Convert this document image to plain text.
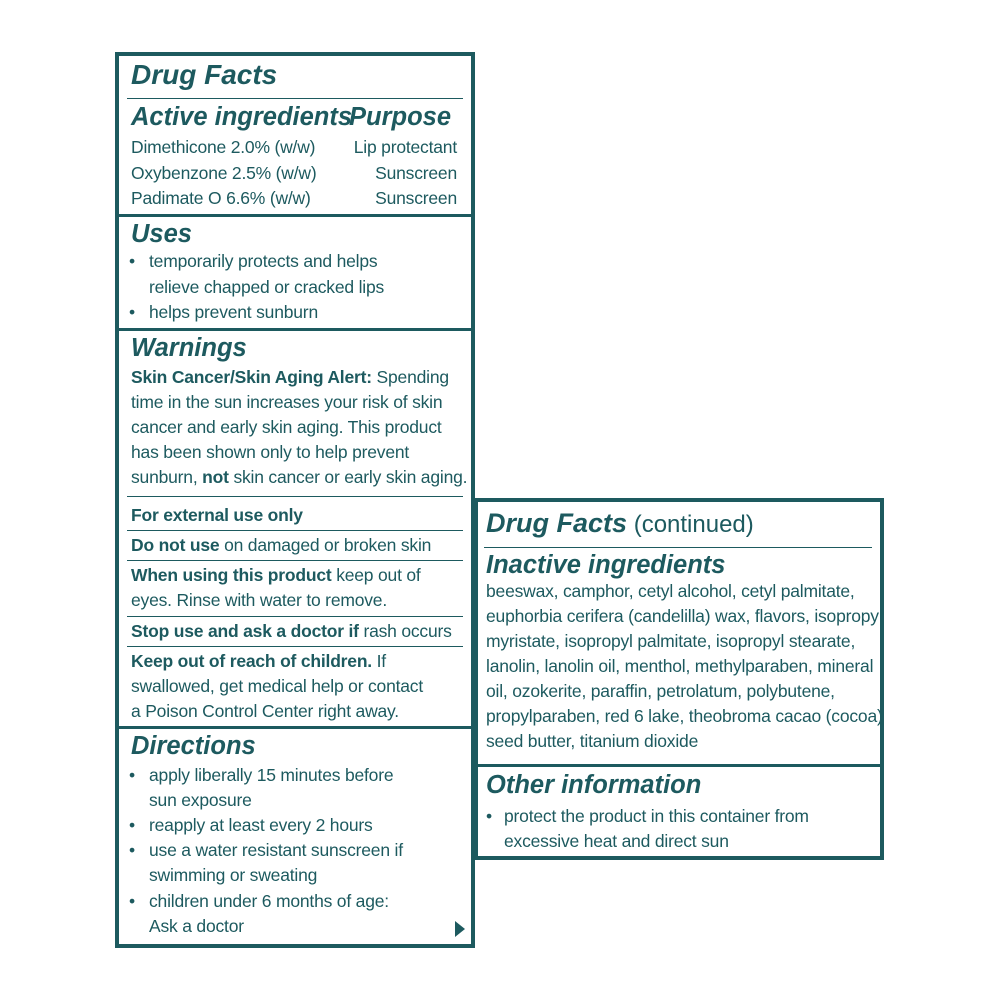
Drug Facts
Active ingredients
Purpose
Dimethicone 2.0% (w/w) Lip protectant
Oxybenzone 2.5% (w/w)	Sunscreen
Padimate O 6.6% (w/w)	Sunscreen
Uses
• temporarily protects and helps
relieve chapped or cracked lips
• helps prevent sunburn
Warnings
Skin Cancer/Skin Aging Alert: Spending
time in the sun increases your risk of skin
cancer and early skin aging. This product
has been shown only to help prevent
sunburn, not skin cancer or early skin aging.
For external use only
Do not use on damaged or broken skin
When using this product keep out of
eyes. Rinse with water to remove.
Stop use and ask a doctor if rash occurs
Keep out of reach of children. If
swallowed, get medical help or contact
a Poison Control Center right away.
Directions
• apply liberally 15 minutes before
sun exposure
• reapply at least every 2 hours
• use a water resistant sunscreen if
swimming or sweating
• children under 6 months of age:
Ask a doctor
Drug Facts (continued)
Inactive ingredients
beeswax, camphor, cetyl alcohol, cetyl palmitate,
euphorbia cerifera (candelilla) wax, flavors, isopropyl
myristate, isopropyl palmitate, isopropyl stearate,
lanolin, lanolin oil, menthol, methylparaben, mineral
oil, ozokerite, paraffin, petrolatum, polybutene,
propylparaben, red 6 lake, theobroma cacao (cocoa)
seed butter, titanium dioxide
Other information
• protect the product in this container from
excessive heat and direct sun
